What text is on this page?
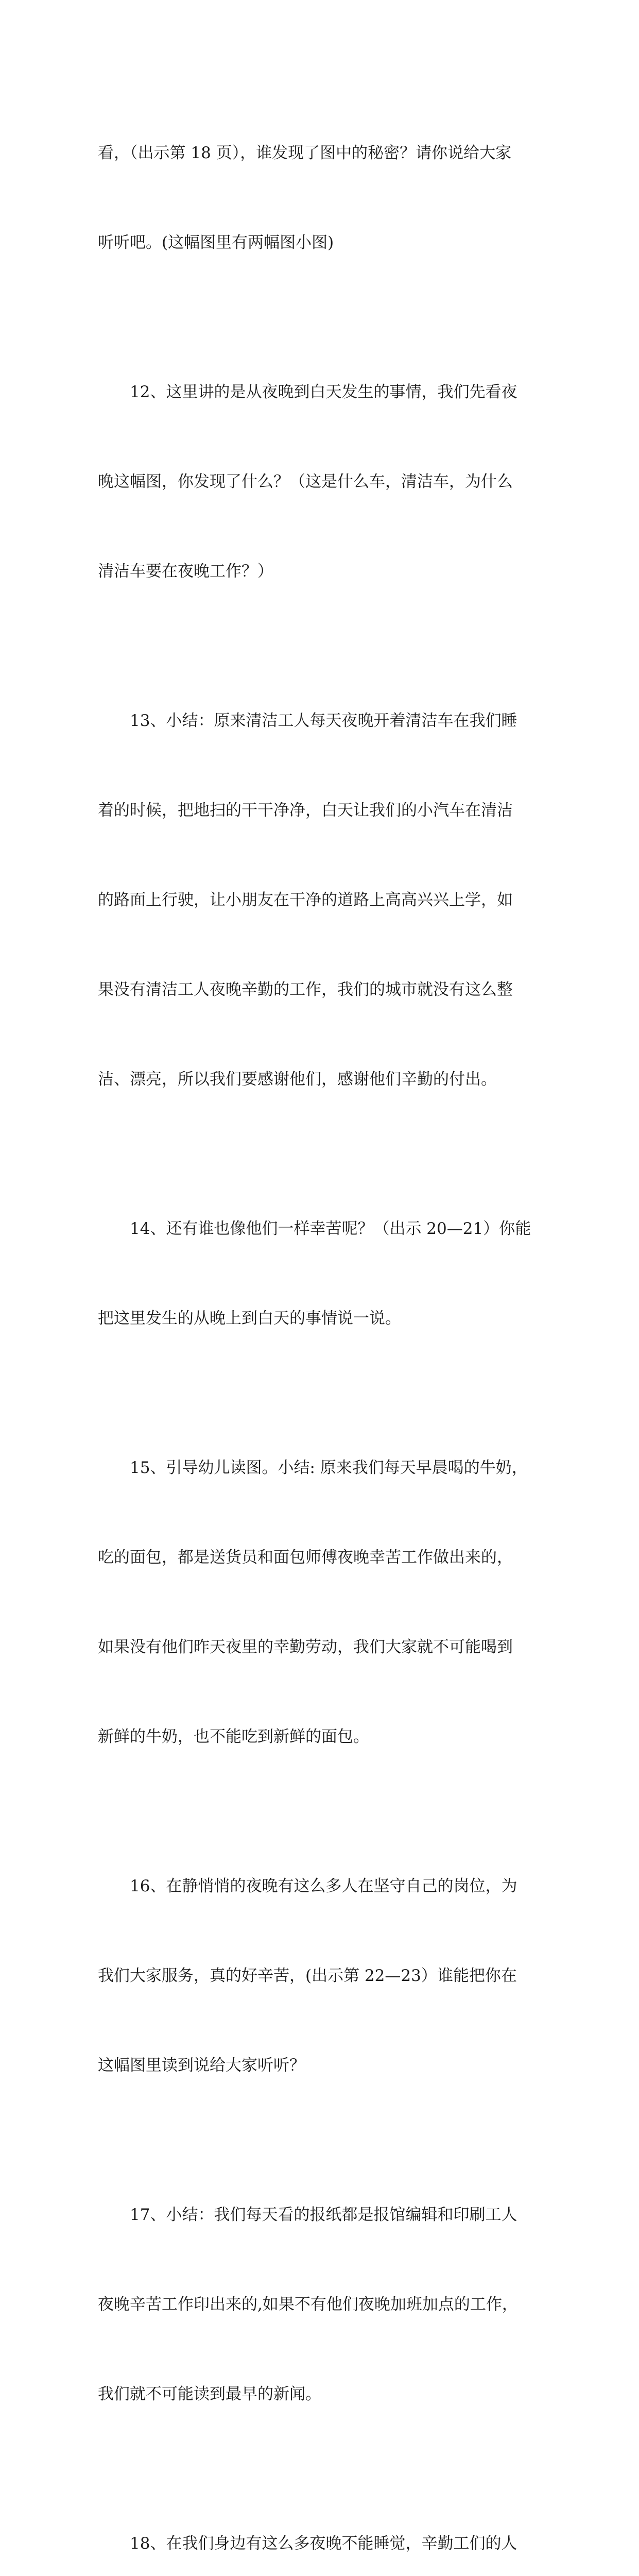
看，（出示第 18 页），谁发现了图中的秘密？请你说给大家

听听吧。(这幅图里有两幅图小图)

12、这里讲的是从夜晚到白天发生的事情，我们先看夜

晚这幅图，你发现了什么？（这是什么车，清洁车，为什么

清洁车要在夜晚工作？）

13、小结：原来清洁工人每天夜晚开着清洁车在我们睡

着的时候，把地扫的干干净净，白天让我们的小汽车在清洁

的路面上行驶，让小朋友在干净的道路上高高兴兴上学，如

果没有清洁工人夜晚辛勤的工作，我们的城市就没有这么整

洁、漂亮，所以我们要感谢他们，感谢他们辛勤的付出。

14、还有谁也像他们一样幸苦呢？（出示 20—21）你能

把这里发生的从晚上到白天的事情说一说。

15、引导幼儿读图。小结: 原来我们每天早晨喝的牛奶，

吃的面包，都是送货员和面包师傅夜晚幸苦工作做出来的，

如果没有他们昨天夜里的幸勤劳动，我们大家就不可能喝到

新鲜的牛奶，也不能吃到新鲜的面包。

16、在静悄悄的夜晚有这么多人在坚守自己的岗位，为

我们大家服务，真的好辛苦，(出示第 22—23）谁能把你在

这幅图里读到说给大家听听？

17、小结：我们每天看的报纸都是报馆编辑和印刷工人

夜晚辛苦工作印出来的,如果不有他们夜晚加班加点的工作，

我们就不可能读到最早的新闻。

18、在我们身边有这么多夜晚不能睡觉，辛勤工们的人
